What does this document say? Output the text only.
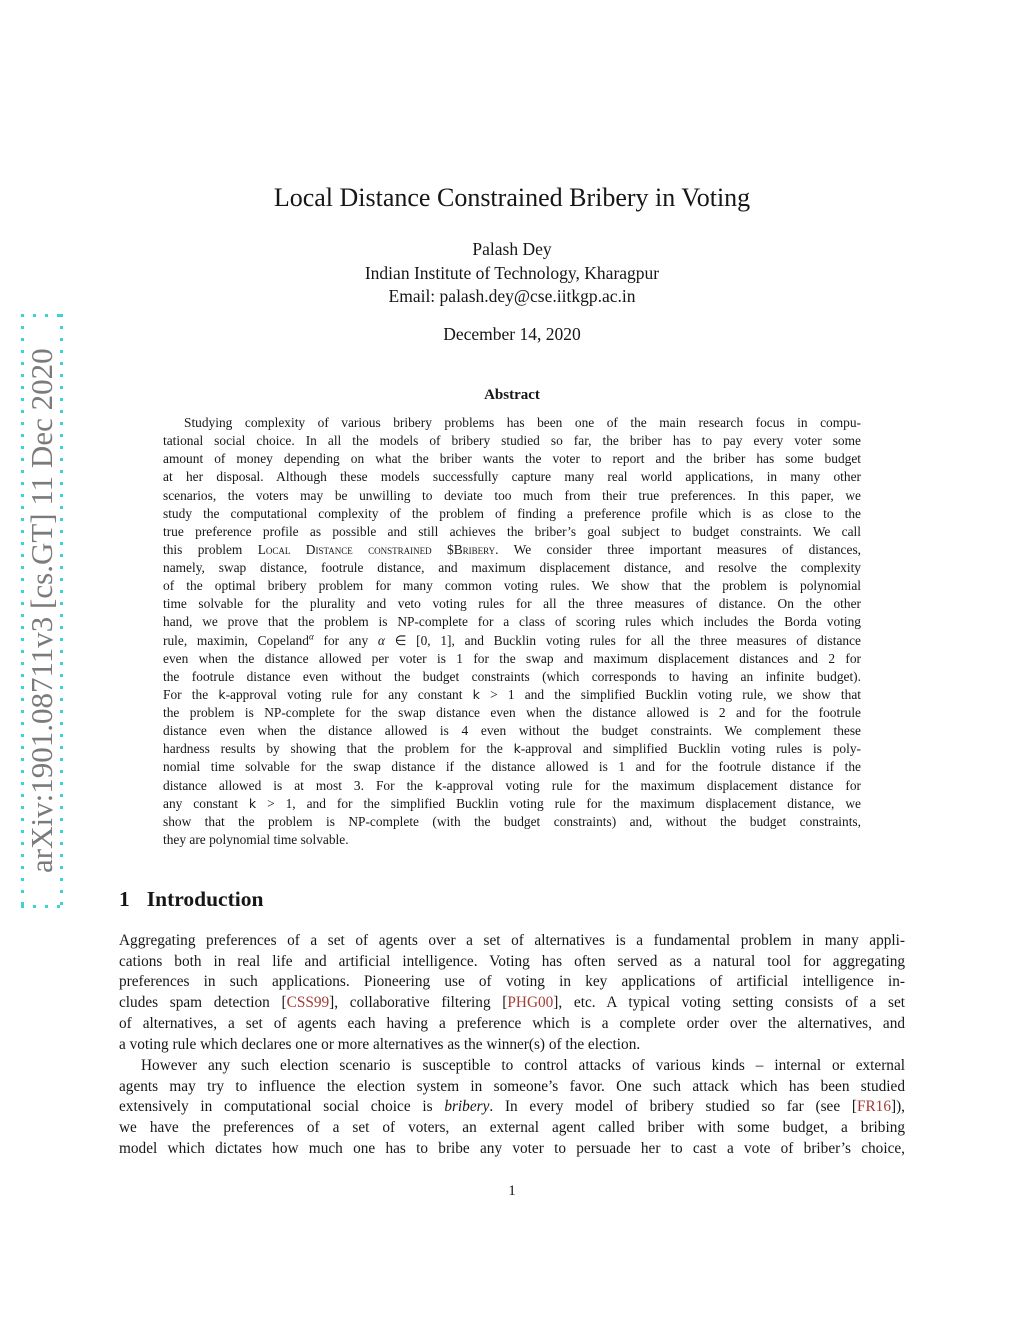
arXiv:1901.08711v3 [cs.GT] 11 Dec 2020
Local Distance Constrained Bribery in Voting
Palash Dey
Indian Institute of Technology, Kharagpur
Email: palash.dey@cse.iitkgp.ac.in
December 14, 2020
Abstract
Studying complexity of various bribery problems has been one of the main research focus in compu-
tational social choice. In all the models of bribery studied so far, the briber has to pay every voter some
amount of money depending on what the briber wants the voter to report and the briber has some budget
at her disposal. Although these models successfully capture many real world applications, in many other
scenarios, the voters may be unwilling to deviate too much from their true preferences. In this paper, we
study the computational complexity of the problem of finding a preference profile which is as close to the
true preference profile as possible and still achieves the briber’s goal subject to budget constraints. We call
this problem Local Distance constrained $Bribery. We consider three important measures of distances,
namely, swap distance, footrule distance, and maximum displacement distance, and resolve the complexity
of the optimal bribery problem for many common voting rules. We show that the problem is polynomial
time solvable for the plurality and veto voting rules for all the three measures of distance. On the other
hand, we prove that the problem is NP-complete for a class of scoring rules which includes the Borda voting
rule, maximin, Copeland$^\alpha$ for any α ∈ [0, 1], and Bucklin voting rules for all the three measures of distance
even when the distance allowed per voter is 1 for the swap and maximum displacement distances and 2 for
the footrule distance even without the budget constraints (which corresponds to having an infinite budget).
For the k-approval voting rule for any constant k > 1 and the simplified Bucklin voting rule, we show that
the problem is NP-complete for the swap distance even when the distance allowed is 2 and for the footrule
distance even when the distance allowed is 4 even without the budget constraints. We complement these
hardness results by showing that the problem for the k-approval and simplified Bucklin voting rules is poly-
nomial time solvable for the swap distance if the distance allowed is 1 and for the footrule distance if the
distance allowed is at most 3. For the k-approval voting rule for the maximum displacement distance for
any constant k > 1, and for the simplified Bucklin voting rule for the maximum displacement distance, we
show that the problem is NP-complete (with the budget constraints) and, without the budget constraints,
they are polynomial time solvable.
1 Introduction
Aggregating preferences of a set of agents over a set of alternatives is a fundamental problem in many appli-
cations both in real life and artificial intelligence. Voting has often served as a natural tool for aggregating
preferences in such applications. Pioneering use of voting in key applications of artificial intelligence in-
cludes spam detection [CSS99], collaborative filtering [PHG00], etc. A typical voting setting consists of a set
of alternatives, a set of agents each having a preference which is a complete order over the alternatives, and
a voting rule which declares one or more alternatives as the winner(s) of the election.
However any such election scenario is susceptible to control attacks of various kinds – internal or external
agents may try to influence the election system in someone’s favor. One such attack which has been studied
extensively in computational social choice is bribery. In every model of bribery studied so far (see [FR16]),
we have the preferences of a set of voters, an external agent called briber with some budget, a bribing
model which dictates how much one has to bribe any voter to persuade her to cast a vote of briber’s choice,
1
